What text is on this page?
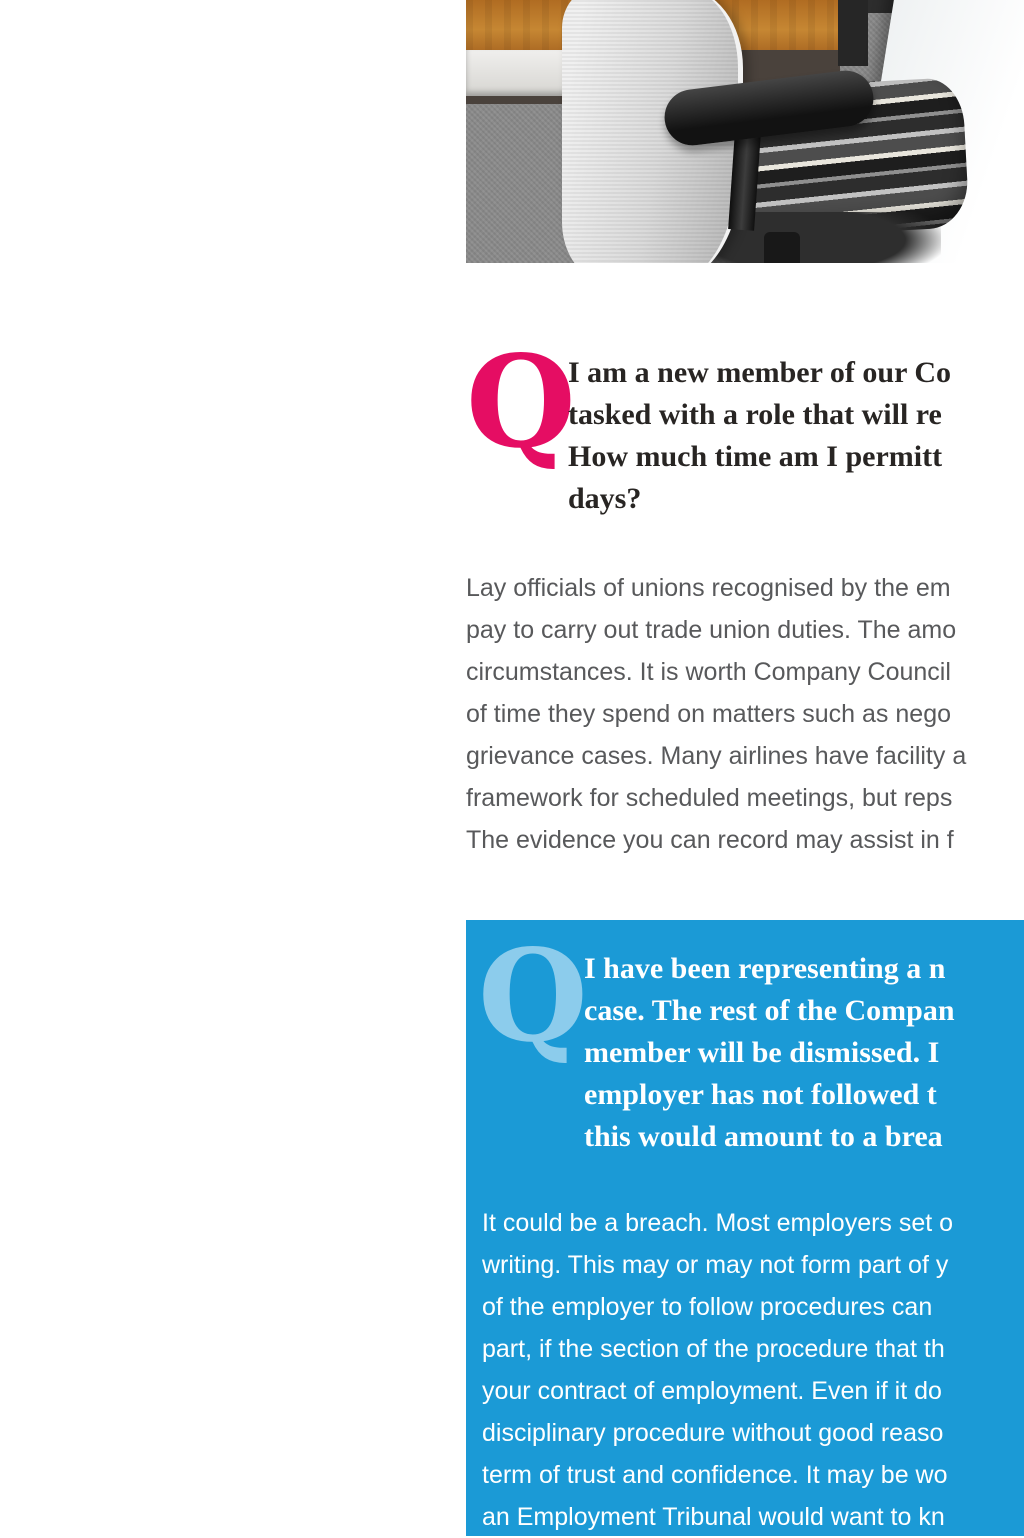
Q
I am a new member of our Co
tasked with a role that will re
How much time am I permitt
days?
Lay officials of unions recognised by the em
pay to carry out trade union duties. The amo
circumstances. It is worth Company Council
of time they spend on matters such as nego
grievance cases. Many airlines have facility a
framework for scheduled meetings, but reps
The evidence you can record may assist in f
Q
I have been representing a n
case. The rest of the Compan
member will be dismissed. I
employer has not followed t
this would amount to a brea
It could be a breach. Most employers set o
writing. This may or may not form part of y
of the employer to follow procedures can
part, if the section of the procedure that th
your contract of employment. Even if it do
disciplinary procedure without good reaso
term of trust and confidence. It may be wo
an Employment Tribunal would want to kn
